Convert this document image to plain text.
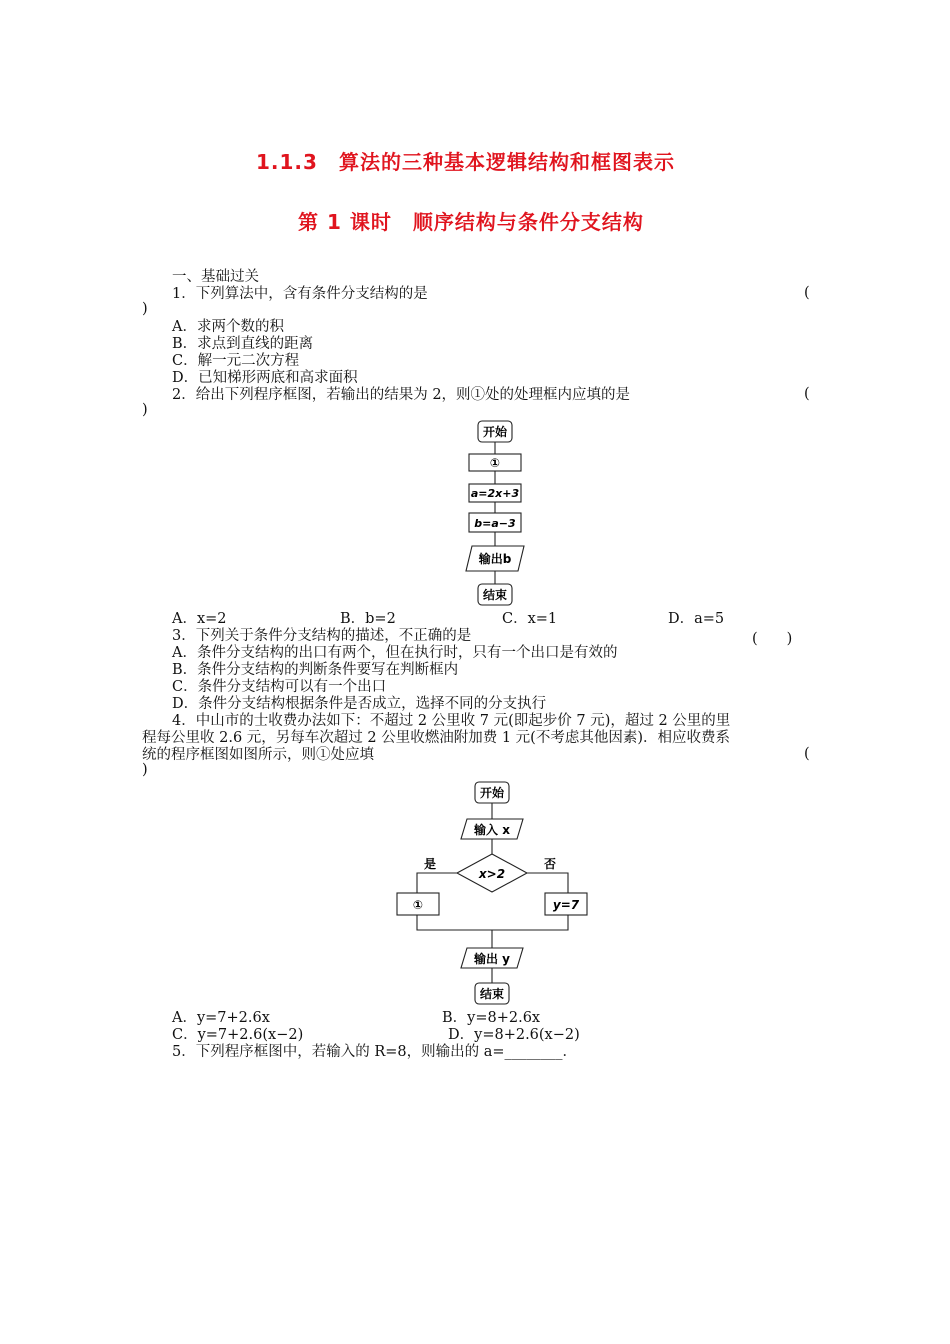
1.1.3　算法的三种基本逻辑结构和框图表示
第 1 课时　顺序结构与条件分支结构
一、基础过关
1．下列算法中，含有条件分支结构的是	(
)
A．求两个数的积
B．求点到直线的距离
C．解一元二次方程
D．已知梯形两底和高求面积
2．给出下列程序框图，若输出的结果为 2，则①处的处理框内应填的是	(
)
开始
①
a=2x+3
b=a−3
输出b
结束
A．x=2	B．b=2	C．x=1	D．a=5
3．下列关于条件分支结构的描述，不正确的是	(　　)
A．条件分支结构的出口有两个，但在执行时，只有一个出口是有效的
B．条件分支结构的判断条件要写在判断框内
C．条件分支结构可以有一个出口
D．条件分支结构根据条件是否成立，选择不同的分支执行
4．中山市的士收费办法如下：不超过 2 公里收 7 元(即起步价 7 元)，超过 2 公里的里
程每公里收 2.6 元，另每车次超过 2 公里收燃油附加费 1 元(不考虑其他因素)．相应收费系
统的程序框图如图所示，则①处应填	(
)
开始
输入 x
x>2
是	否
①	y=7
输出 y
结束
A．y=7+2.6x	B．y=8+2.6x
C．y=7+2.6(x−2)	D．y=8+2.6(x−2)
5．下列程序框图中，若输入的 R=8，则输出的 a=________．
